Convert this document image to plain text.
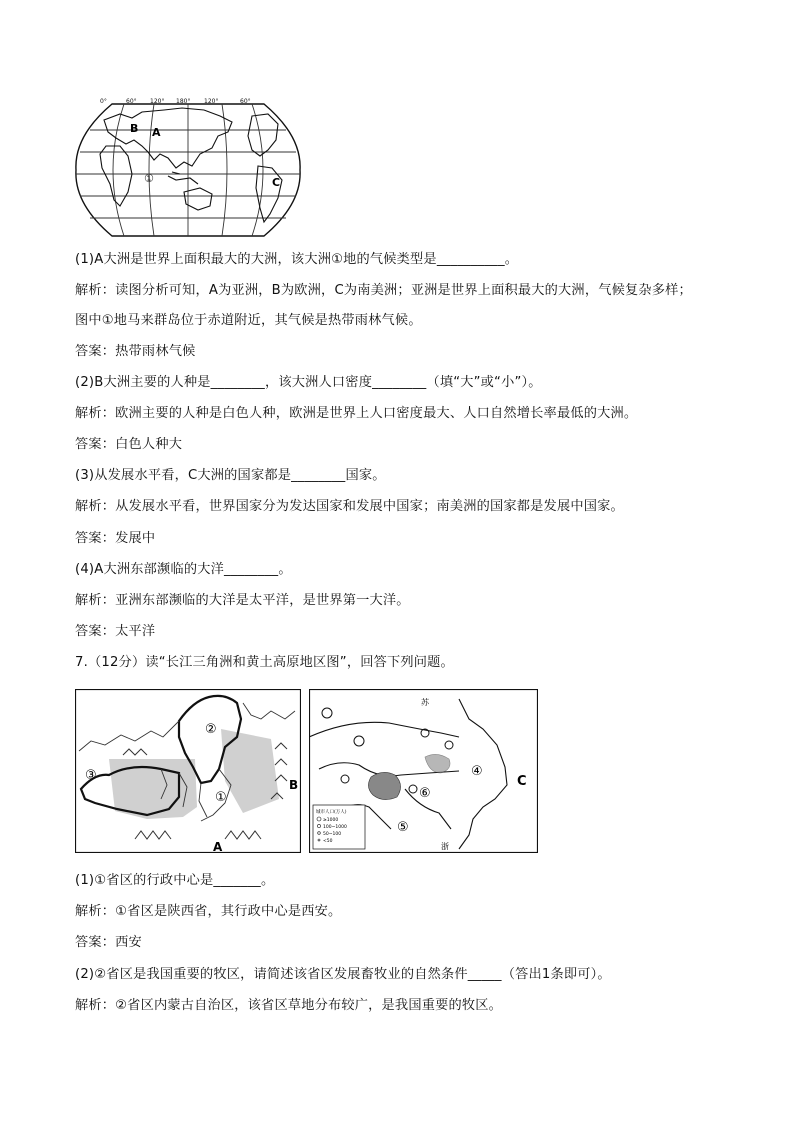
0°	60° 120° 180° 120°	60°
B A
①	C
(1)A大洲是世界上面积最大的大洲，该大洲①地的气候类型是__________。
解析：读图分析可知，A为亚洲，B为欧洲，C为南美洲；亚洲是世界上面积最大的大洲，气候复杂多样；
图中①地马来群岛位于赤道附近，其气候是热带雨林气候。
答案：热带雨林气候
(2)B大洲主要的人种是________，该大洲人口密度________（填“大”或“小”）。
解析：欧洲主要的人种是白色人种，欧洲是世界上人口密度最大、人口自然增长率最低的大洲。
答案：白色人种大
(3)从发展水平看，C大洲的国家都是________国家。
解析：从发展水平看，世界国家分为发达国家和发展中国家；南美洲的国家都是发展中国家。
答案：发展中
(4)A大洲东部濒临的大洋________。
解析：亚洲东部濒临的大洋是太平洋，是世界第一大洋。
答案：太平洋
7.（12分）读“长江三角洲和黄土高原地区图”，回答下列问题。
②
③
①
A
B
城市人口(万人)
≥1000
100~1000
50~100
<50
④
⑥
⑤
C
苏
浙
(1)①省区的行政中心是_______。
解析：①省区是陕西省，其行政中心是西安。
答案：西安
(2)②省区是我国重要的牧区，请简述该省区发展畜牧业的自然条件_____（答出1条即可）。
解析：②省区内蒙古自治区，该省区草地分布较广，是我国重要的牧区。
